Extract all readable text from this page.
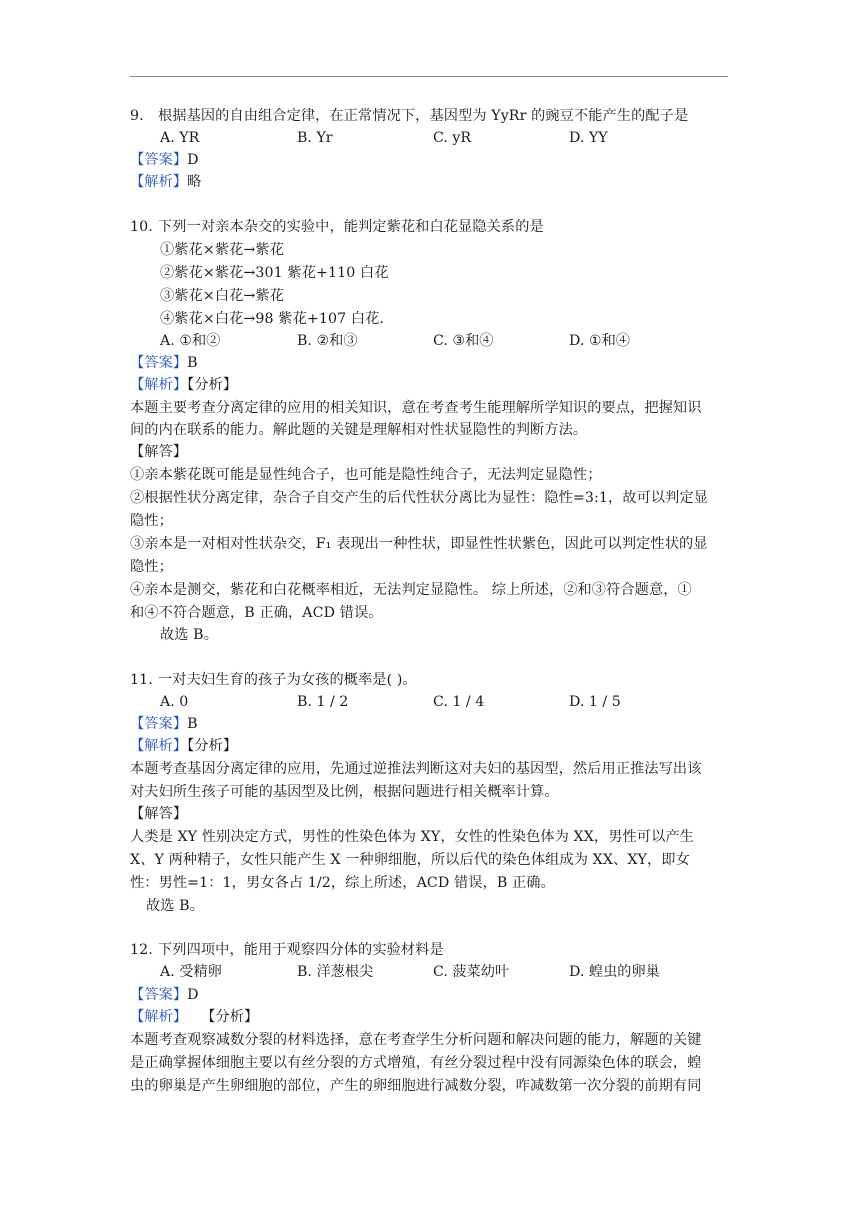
9. 根据基因的自由组合定律，在正常情况下，基因型为 YyRr 的豌豆不能产生的配子是
A. YR	B. Yr	C. yR	D. YY
【答案】D
【解析】略
10. 下列一对亲本杂交的实验中，能判定紫花和白花显隐关系的是
①紫花×紫花→紫花
②紫花×紫花→301 紫花+110 白花
③紫花×白花→紫花
④紫花×白花→98 紫花+107 白花.
A. ①和②	B. ②和③	C. ③和④	D. ①和④
【答案】B
【解析】【分析】
本题主要考查分离定律的应用的相关知识，意在考查考生能理解所学知识的要点，把握知识
间的内在联系的能力。解此题的关键是理解相对性状显隐性的判断方法。
【解答】
①亲本紫花既可能是显性纯合子，也可能是隐性纯合子，无法判定显隐性；
②根据性状分离定律，杂合子自交产生的后代性状分离比为显性：隐性=3:1，故可以判定显
隐性；
③亲本是一对相对性状杂交，F₁ 表现出一种性状，即显性性状紫色，因此可以判定性状的显
隐性；
④亲本是测交，紫花和白花概率相近，无法判定显隐性。 综上所述，②和③符合题意，①
和④不符合题意，B 正确，ACD 错误。
故选 B。
11. 一对夫妇生育的孩子为女孩的概率是( )。
A. 0	B. 1 / 2	C. 1 / 4	D. 1 / 5
【答案】B
【解析】【分析】
本题考查基因分离定律的应用，先通过逆推法判断这对夫妇的基因型，然后用正推法写出该
对夫妇所生孩子可能的基因型及比例，根据问题进行相关概率计算。
【解答】
人类是 XY 性别决定方式，男性的性染色体为 XY，女性的性染色体为 XX，男性可以产生
X、Y 两种精子，女性只能产生 X 一种卵细胞，所以后代的染色体组成为 XX、XY，即女
性：男性=1：1，男女各占 1/2，综上所述，ACD 错误，B 正确。
故选 B。
12. 下列四项中，能用于观察四分体的实验材料是
A. 受精卵	B. 洋葱根尖	C. 菠菜幼叶	D. 蝗虫的卵巢
【答案】D
【解析】 【分析】
本题考查观察减数分裂的材料选择，意在考查学生分析问题和解决问题的能力，解题的关键
是正确掌握体细胞主要以有丝分裂的方式增殖，有丝分裂过程中没有同源染色体的联会，蝗
虫的卵巢是产生卵细胞的部位，产生的卵细胞进行减数分裂，咋减数第一次分裂的前期有同
